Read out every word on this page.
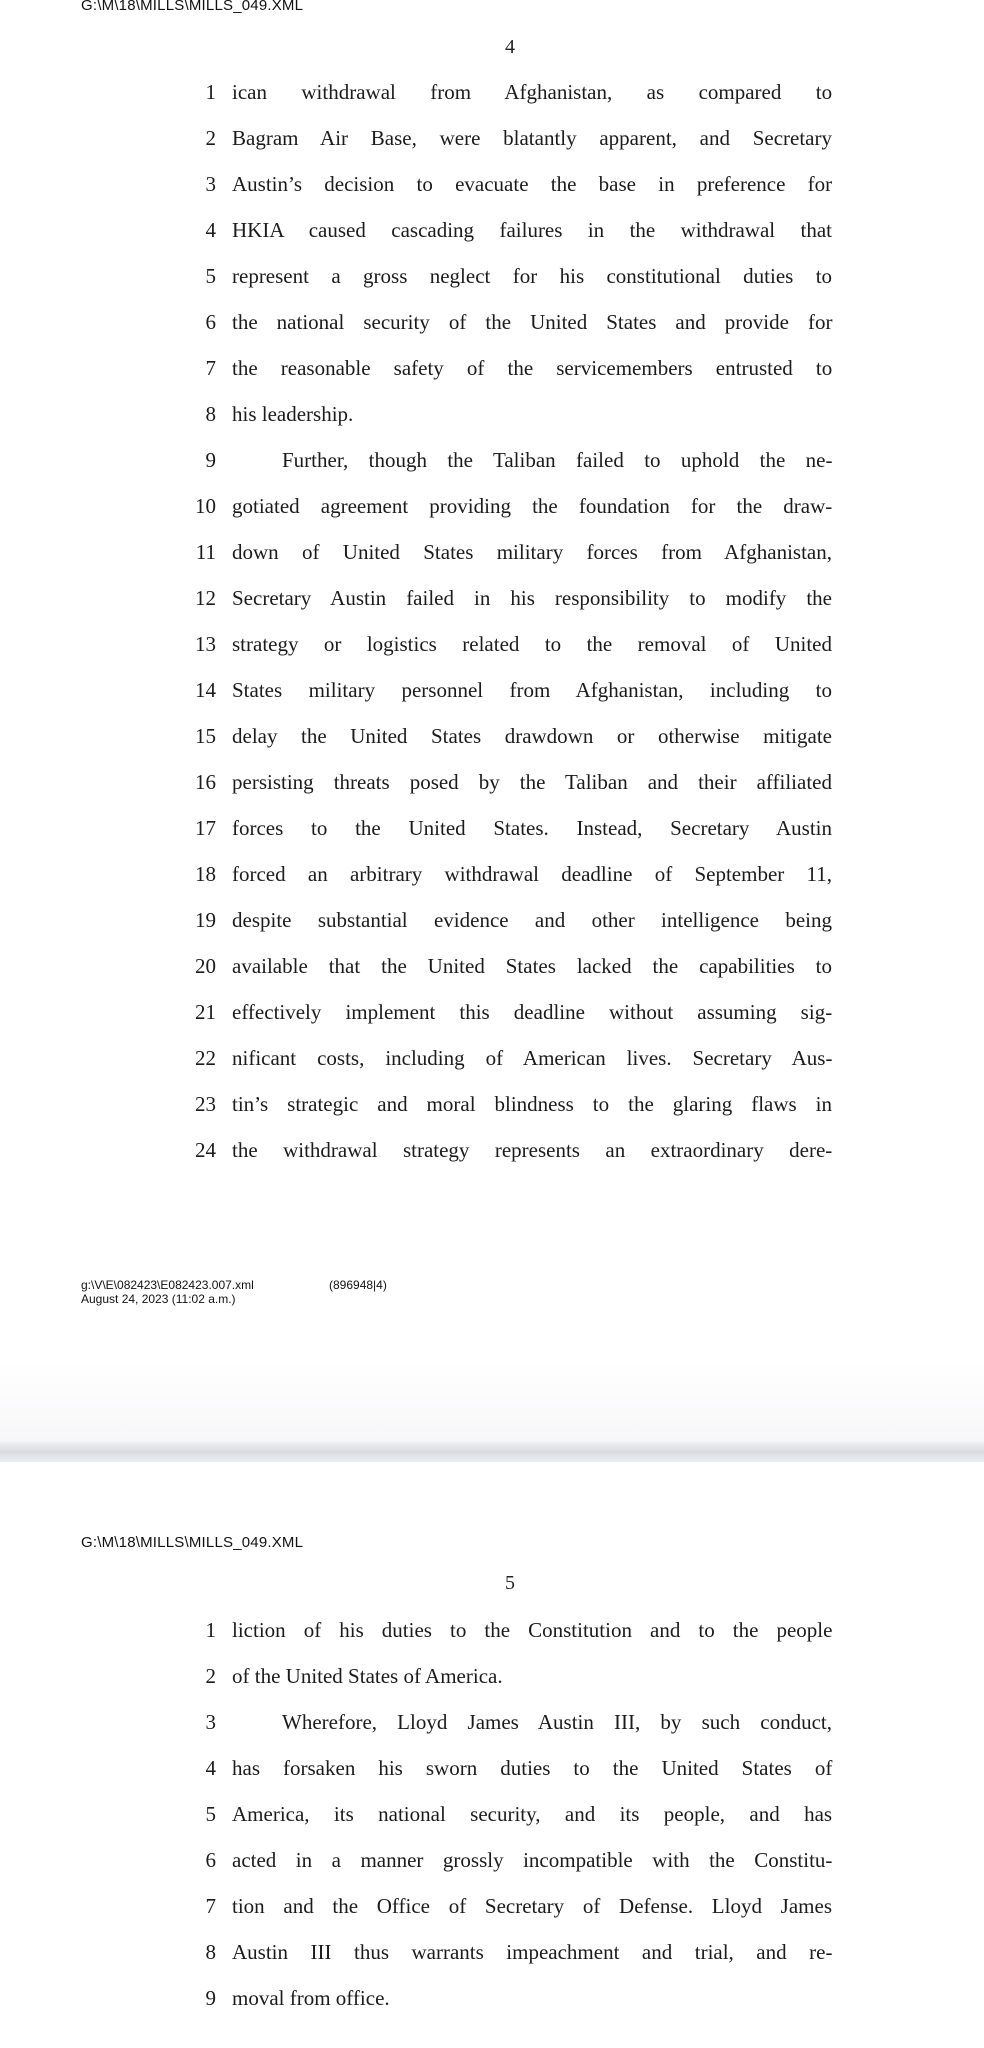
G:\M\18\MILLS\MILLS_049.XML
4
1 ican withdrawal from Afghanistan, as compared to
2 Bagram Air Base, were blatantly apparent, and Secretary
3 Austin’s decision to evacuate the base in preference for
4 HKIA caused cascading failures in the withdrawal that
5 represent a gross neglect for his constitutional duties to
6 the national security of the United States and provide for
7 the reasonable safety of the servicemembers entrusted to
8 his leadership.
9	Further, though the Taliban failed to uphold the ne-
10 gotiated agreement providing the foundation for the draw-
11 down of United States military forces from Afghanistan,
12 Secretary Austin failed in his responsibility to modify the
13 strategy or logistics related to the removal of United
14 States military personnel from Afghanistan, including to
15 delay the United States drawdown or otherwise mitigate
16 persisting threats posed by the Taliban and their affiliated
17 forces to the United States. Instead, Secretary Austin
18 forced an arbitrary withdrawal deadline of September 11,
19 despite substantial evidence and other intelligence being
20 available that the United States lacked the capabilities to
21 effectively implement this deadline without assuming sig-
22 nificant costs, including of American lives. Secretary Aus-
23 tin’s strategic and moral blindness to the glaring flaws in
24 the withdrawal strategy represents an extraordinary dere-
g:\V\E\082423\E082423.007.xml	(896948|4)
August 24, 2023 (11:02 a.m.)
G:\M\18\MILLS\MILLS_049.XML
5
1 liction of his duties to the Constitution and to the people
2 of the United States of America.
3	Wherefore, Lloyd James Austin III, by such conduct,
4 has forsaken his sworn duties to the United States of
5 America, its national security, and its people, and has
6 acted in a manner grossly incompatible with the Constitu-
7 tion and the Office of Secretary of Defense. Lloyd James
8 Austin III thus warrants impeachment and trial, and re-
9 moval from office.
